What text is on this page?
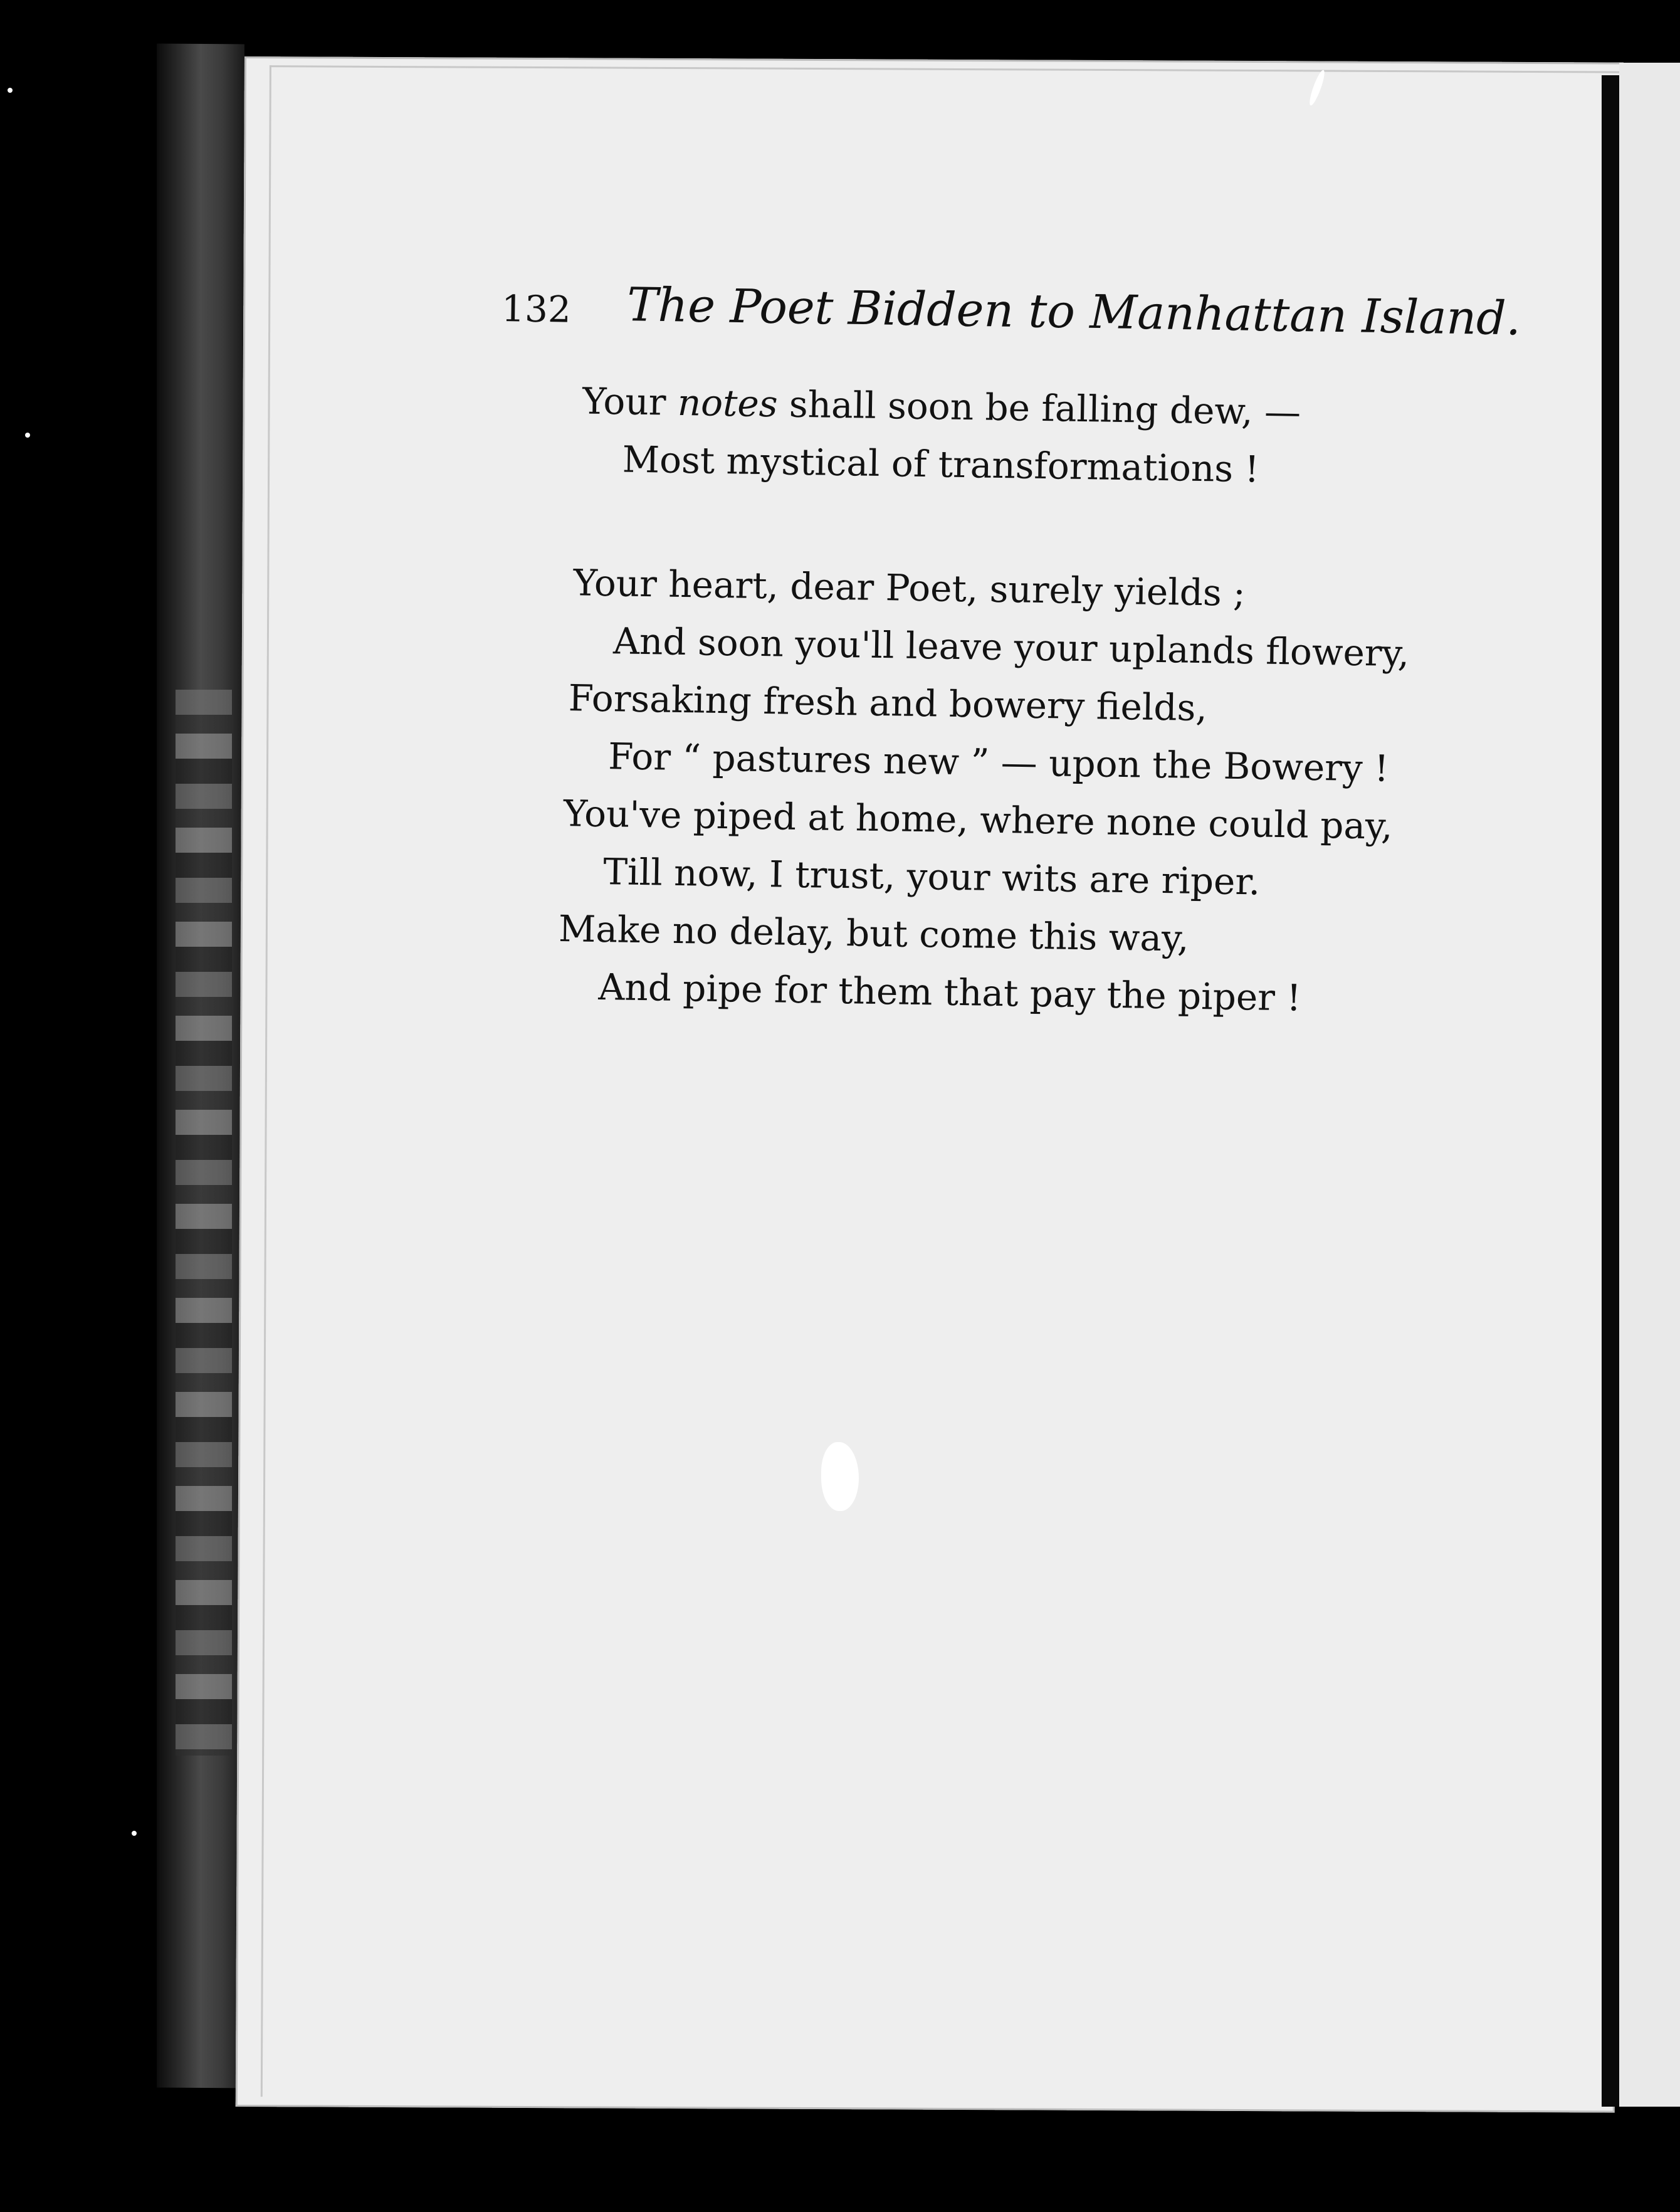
132 The Poet Bidden to Manhattan Island.
Your notes shall soon be falling dew, —
Most mystical of transformations !
Your heart, dear Poet, surely yields ;
And soon you'll leave your uplands flowery,
Forsaking fresh and bowery fields,
For “ pastures new ” — upon the Bowery !
You've piped at home, where none could pay,
Till now, I trust, your wits are riper.
Make no delay, but come this way,
And pipe for them that pay the piper !
